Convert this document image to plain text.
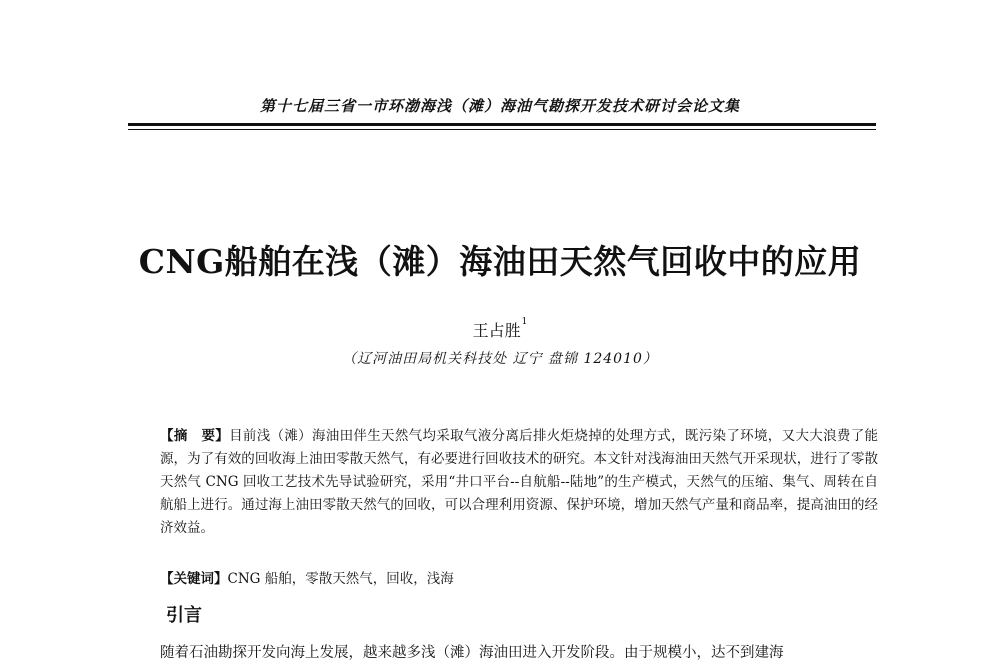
第十七届三省一市环渤海浅（滩）海油气勘探开发技术研讨会论文集
CNG船舶在浅（滩）海油田天然气回收中的应用
王占胜$^1$
（辽河油田局机关科技处 辽宁 盘锦 124010）
【摘　要】目前浅（滩）海油田伴生天然气均采取气液分离后排火炬烧掉的处理方式，既污染了环境，又大大浪费了能源，为了有效的回收海上油田零散天然气，有必要进行回收技术的研究。本文针对浅海油田天然气开采现状，进行了零散天然气 CNG 回收工艺技术先导试验研究，采用“井口平台--自航船--陆地”的生产模式，天然气的压缩、集气、周转在自航船上进行。通过海上油田零散天然气的回收，可以合理利用资源、保护环境，增加天然气产量和商品率，提高油田的经济效益。
【关键词】CNG 船舶，零散天然气，回收，浅海
引言
随着石油勘探开发向海上发展，越来越多浅（滩）海油田进入开发阶段。由于规模小，达不到建海
